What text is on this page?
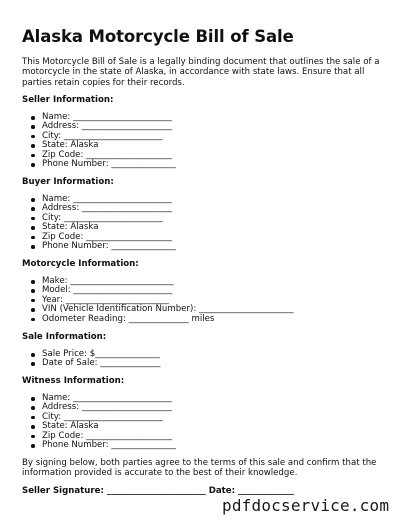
Alaska Motorcycle Bill of Sale

This Motorcycle Bill of Sale is a legally binding document that outlines the sale of a motorcycle in the state of Alaska, in accordance with state laws. Ensure that all parties retain copies for their records.

Seller Information:
Name: _______________________
Address: _____________________
City: _______________________
State: Alaska
Zip Code: ____________________
Phone Number: _______________
Buyer Information:
Name: _______________________
Address: _____________________
City: _______________________
State: Alaska
Zip Code: ____________________
Phone Number: _______________
Motorcycle Information:
Make: ________________________
Model: _______________________
Year: ________________________
VIN (Vehicle Identification Number): ______________________
Odometer Reading: ______________ miles
Sale Information:
Sale Price: $_______________
Date of Sale: ______________
Witness Information:
Name: _______________________
Address: _____________________
City: _______________________
State: Alaska
Zip Code: ____________________
Phone Number: _______________

By signing below, both parties agree to the terms of this sale and confirm that the information provided is accurate to the best of their knowledge.

Seller Signature: _______________________ Date: _____________
pdfdocservice.com
